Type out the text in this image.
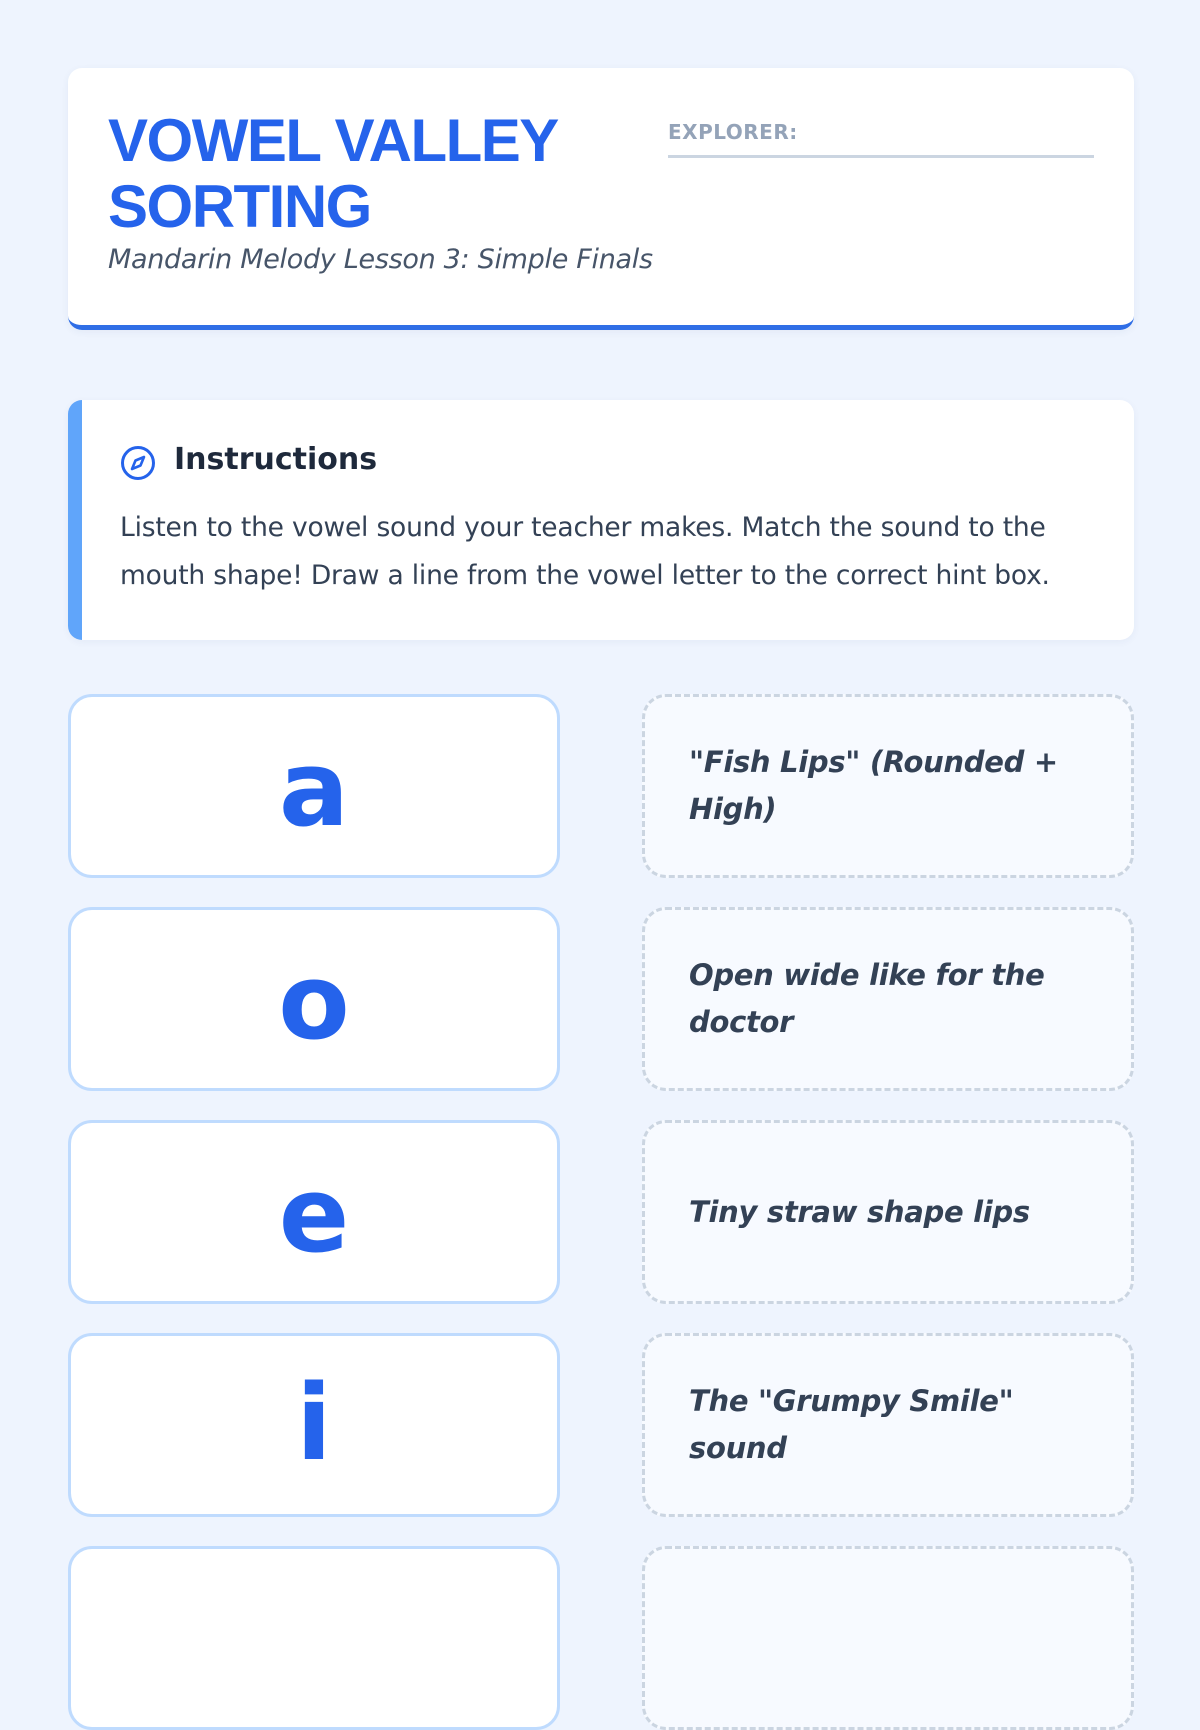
VOWEL VALLEY SORTING
Mandarin Melody Lesson 3: Simple Finals
EXPLORER:
Instructions

Listen to the vowel sound your teacher makes. Match the sound to the mouth shape! Draw a line from the vowel letter to the correct hint box.

a	"Fish Lips" (Rounded + High)
o	Open wide like for the doctor
e	Tiny straw shape lips
i	The "Grumpy Smile" sound
